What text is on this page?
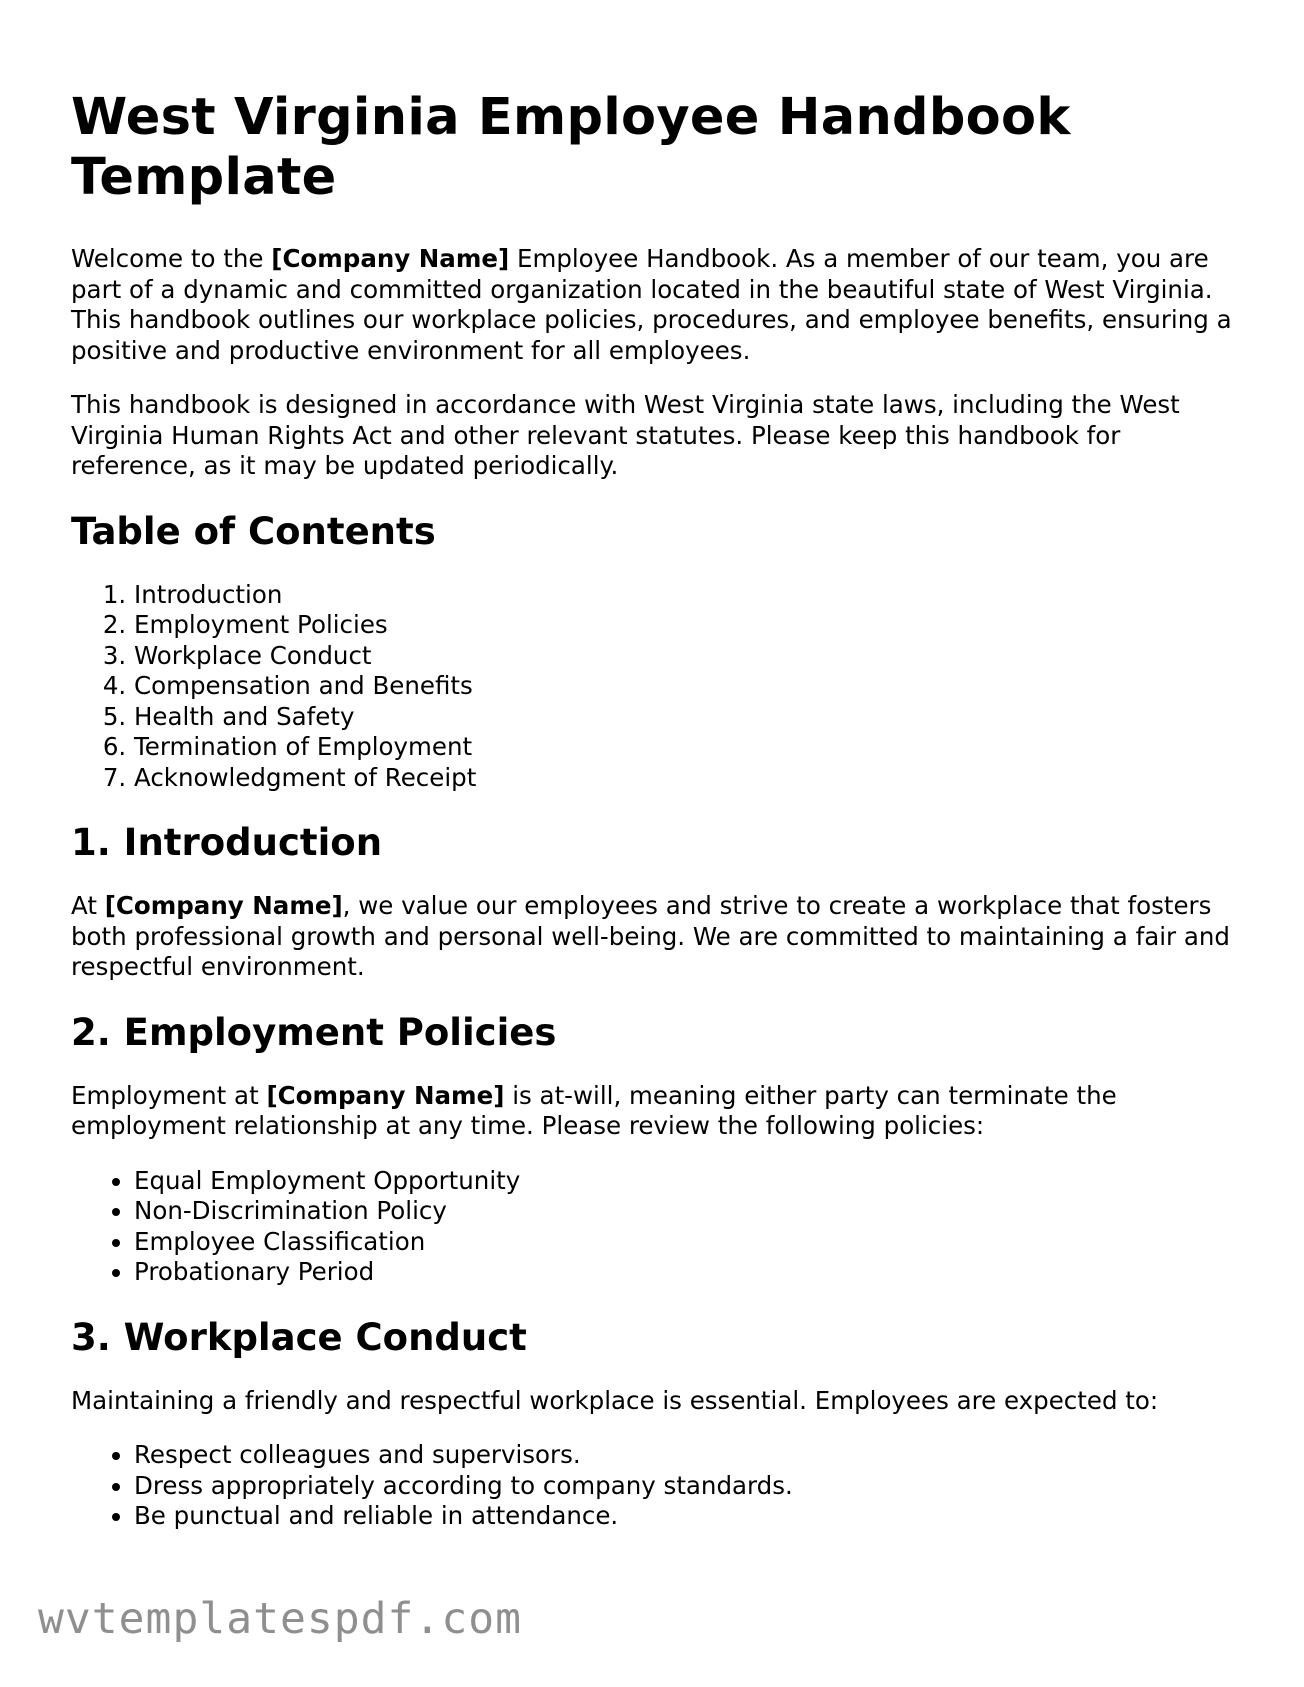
West Virginia Employee Handbook Template

Welcome to the [Company Name] Employee Handbook. As a member of our team, you are part of a dynamic and committed organization located in the beautiful state of West Virginia. This handbook outlines our workplace policies, procedures, and employee benefits, ensuring a positive and productive environment for all employees.

This handbook is designed in accordance with West Virginia state laws, including the West Virginia Human Rights Act and other relevant statutes. Please keep this handbook for reference, as it may be updated periodically.

Table of Contents
1. Introduction
2. Employment Policies
3. Workplace Conduct
4. Compensation and Benefits
5. Health and Safety
6. Termination of Employment
7. Acknowledgment of Receipt
1. Introduction

At [Company Name], we value our employees and strive to create a workplace that fosters both professional growth and personal well-being. We are committed to maintaining a fair and respectful environment.

2. Employment Policies

Employment at [Company Name] is at-will, meaning either party can terminate the employment relationship at any time. Please review the following policies:

• Equal Employment Opportunity
• Non-Discrimination Policy
• Employee Classification
• Probationary Period
3. Workplace Conduct

Maintaining a friendly and respectful workplace is essential. Employees are expected to:

• Respect colleagues and supervisors.
• Dress appropriately according to company standards.
• Be punctual and reliable in attendance.
wvtemplatespdf.com
